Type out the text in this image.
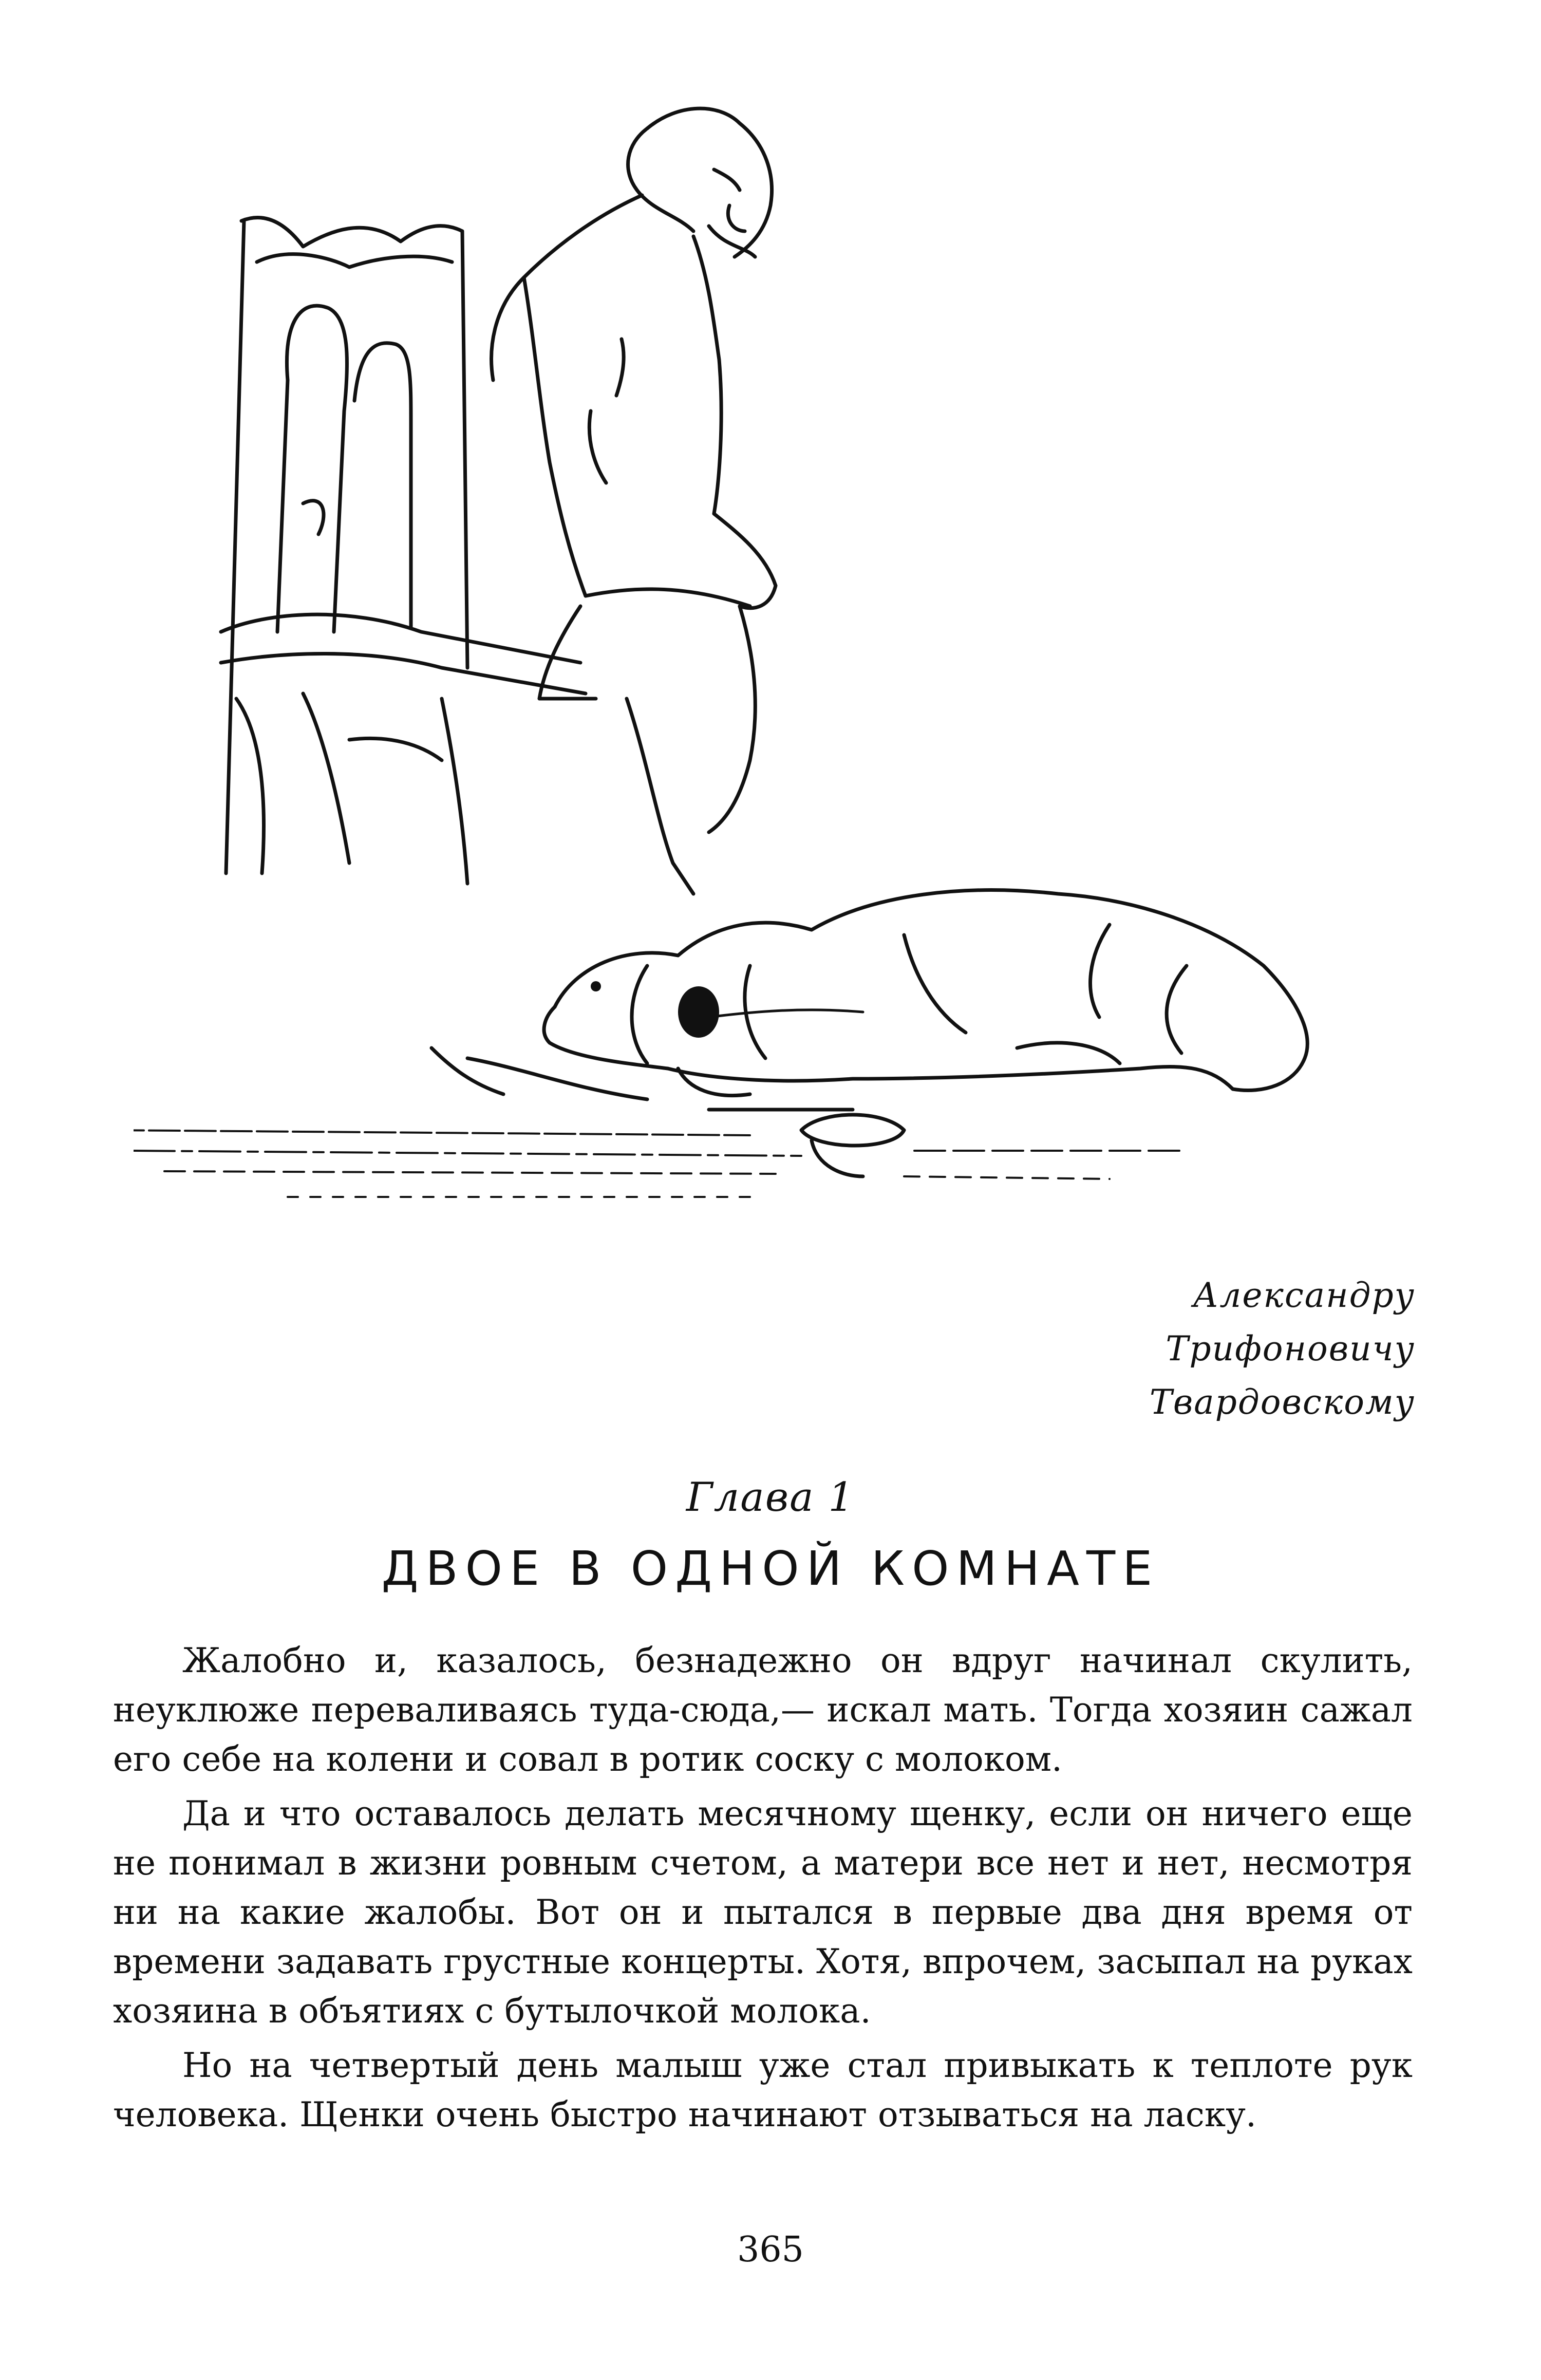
Александру
Трифоновичу
Твардовскому
Глава 1
ДВОЕ В ОДНОЙ КОМНАТЕ

Жалобно и, казалось, безнадежно он вдруг начинал скулить, неуклюже переваливаясь туда-сюда,— искал мать. Тогда хозяин сажал его себе на колени и совал в ротик соску с молоком.

Да и что оставалось делать месячному щенку, если он ничего еще не понимал в жизни ровным счетом, а матери все нет и нет, несмотря ни на какие жалобы. Вот он и пытался в первые два дня время от времени задавать грустные концерты. Хотя, впрочем, засыпал на руках хозяина в объятиях с бутылочкой молока.

Но на четвертый день малыш уже стал привыкать к теплоте рук человека. Щенки очень быстро начинают отзываться на ласку.

365
